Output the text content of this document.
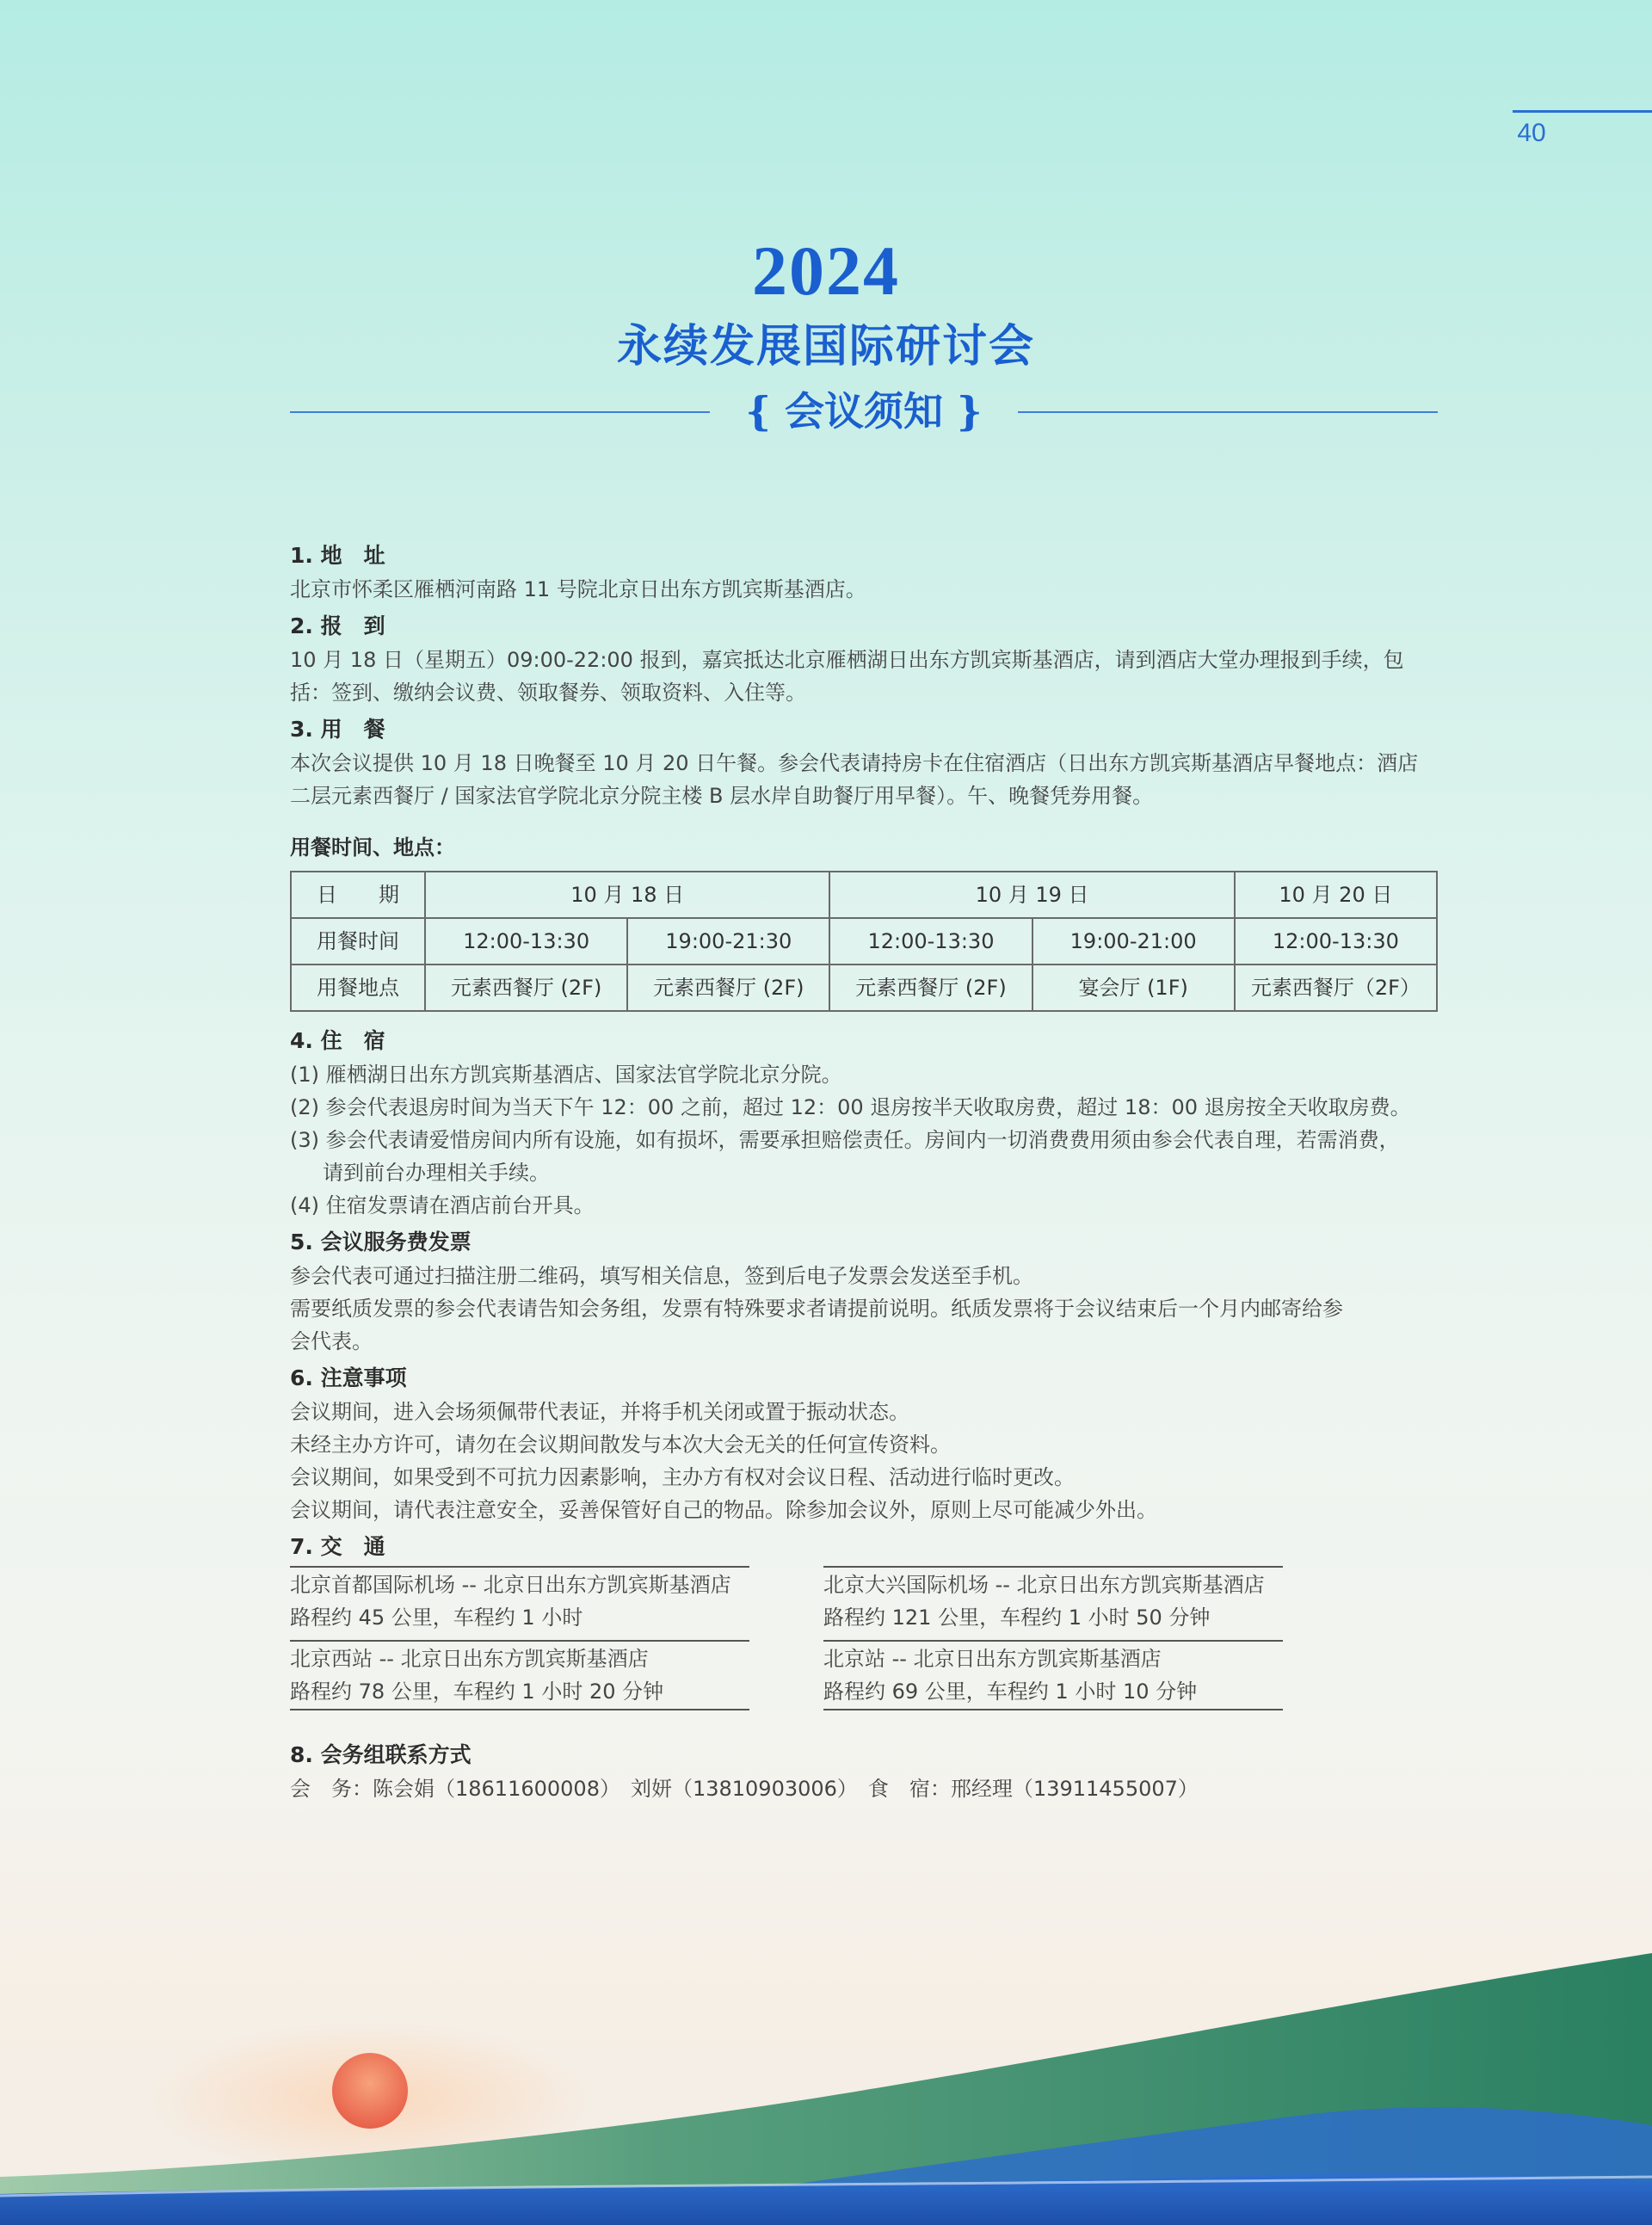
40
2024
永续发展国际研讨会
{ 会议须知 }
1. 地　址

北京市怀柔区雁栖河南路 11 号院北京日出东方凯宾斯基酒店。

2. 报　到

10 月 18 日（星期五）09:00-22:00 报到，嘉宾抵达北京雁栖湖日出东方凯宾斯基酒店，请到酒店大堂办理报到手续，包

括：签到、缴纳会议费、领取餐券、领取资料、入住等。

3. 用　餐

本次会议提供 10 月 18 日晚餐至 10 月 20 日午餐。参会代表请持房卡在住宿酒店（日出东方凯宾斯基酒店早餐地点：酒店

二层元素西餐厅 / 国家法官学院北京分院主楼 B 层水岸自助餐厅用早餐）。午、晚餐凭券用餐。

用餐时间、地点：
日　　期	10 月 18 日		10 月 19 日		10 月 20 日
用餐时间	12:00-13:30	19:00-21:30	12:00-13:30	19:00-21:00	12:00-13:30
用餐地点	元素西餐厅 (2F)	元素西餐厅 (2F)	元素西餐厅 (2F)	宴会厅 (1F)	元素西餐厅（2F）
4. 住　宿

(1) 雁栖湖日出东方凯宾斯基酒店、国家法官学院北京分院。

(2) 参会代表退房时间为当天下午 12：00 之前，超过 12：00 退房按半天收取房费，超过 18：00 退房按全天收取房费。

(3) 参会代表请爱惜房间内所有设施，如有损坏，需要承担赔偿责任。房间内一切消费费用须由参会代表自理，若需消费，

请到前台办理相关手续。

(4) 住宿发票请在酒店前台开具。

5. 会议服务费发票

参会代表可通过扫描注册二维码，填写相关信息，签到后电子发票会发送至手机。

需要纸质发票的参会代表请告知会务组，发票有特殊要求者请提前说明。纸质发票将于会议结束后一个月内邮寄给参

会代表。

6. 注意事项

会议期间，进入会场须佩带代表证，并将手机关闭或置于振动状态。

未经主办方许可，请勿在会议期间散发与本次大会无关的任何宣传资料。

会议期间，如果受到不可抗力因素影响，主办方有权对会议日程、活动进行临时更改。

会议期间，请代表注意安全，妥善保管好自己的物品。除参加会议外，原则上尽可能减少外出。

7. 交　通
北京首都国际机场 -- 北京日出东方凯宾斯基酒店
路程约 45 公里，车程约 1 小时
北京大兴国际机场 -- 北京日出东方凯宾斯基酒店
路程约 121 公里，车程约 1 小时 50 分钟
北京西站 -- 北京日出东方凯宾斯基酒店
路程约 78 公里，车程约 1 小时 20 分钟
北京站 -- 北京日出东方凯宾斯基酒店
路程约 69 公里，车程约 1 小时 10 分钟
8. 会务组联系方式

会　务：陈会娟（18611600008）　刘妍（13810903006）　食　宿：邢经理（13911455007）
